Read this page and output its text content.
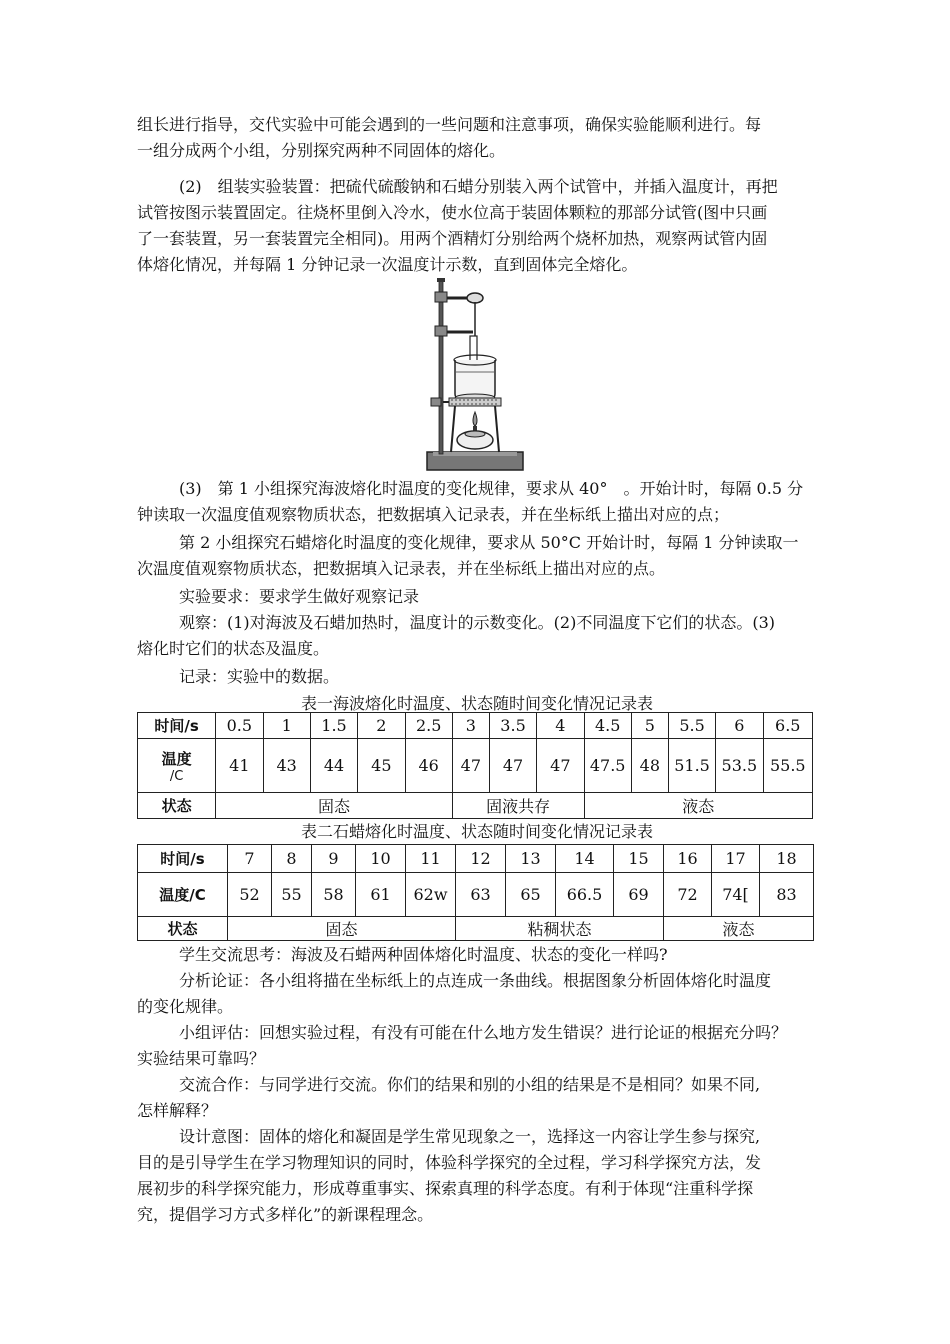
组长进行指导，交代实验中可能会遇到的一些问题和注意事项，确保实验能顺利进行。每
一组分成两个小组，分别探究两种不同固体的熔化。
(2)　组装实验装置：把硫代硫酸钠和石蜡分别装入两个试管中，并插入温度计，再把
试管按图示装置固定。往烧杯里倒入冷水，使水位高于装固体颗粒的那部分试管(图中只画
了一套装置，另一套装置完全相同)。用两个酒精灯分别给两个烧杯加热，观察两试管内固
体熔化情况，并每隔 1 分钟记录一次温度计示数，直到固体完全熔化。
(3)　第 1 小组探究海波熔化时温度的变化规律，要求从 40°　。开始计时，每隔 0.5 分
钟读取一次温度值观察物质状态，把数据填入记录表，并在坐标纸上描出对应的点；
第 2 小组探究石蜡熔化时温度的变化规律，要求从 50°C 开始计时，每隔 1 分钟读取一
次温度值观察物质状态，把数据填入记录表，并在坐标纸上描出对应的点。
实验要求：要求学生做好观察记录
观察：(1)对海波及石蜡加热时，温度计的示数变化。(2)不同温度下它们的状态。(3)
熔化时它们的状态及温度。
记录：实验中的数据。
表一海波熔化时温度、状态随时间变化情况记录表
时间/s	0.5	1	1.5	2	2.5	3	3.5	4	4.5	5	5.5	6	6.5

温度
/C	41	43	44	45	46	47	47	47	47.5	48	51.5	53.5	55.5
状态	固态					固液共存			液态				
表二石蜡熔化时温度、状态随时间变化情况记录表
时间/s	7	8	9	10	11	12	13	14	15	16	17	18
温度/C	52	55	58	61	62w	63	65	66.5	69	72	74[	83
状态	固态					粘稠状态				液态		
学生交流思考：海波及石蜡两种固体熔化时温度、状态的变化一样吗?
分析论证：各小组将描在坐标纸上的点连成一条曲线。根据图象分析固体熔化时温度
的变化规律。
小组评估：回想实验过程，有没有可能在什么地方发生错误？进行论证的根据充分吗？
实验结果可靠吗？
交流合作：与同学进行交流。你们的结果和别的小组的结果是不是相同？如果不同,
怎样解释？
设计意图：固体的熔化和凝固是学生常见现象之一，选择这一内容让学生参与探究,
目的是引导学生在学习物理知识的同时，体验科学探究的全过程，学习科学探究方法，发
展初步的科学探究能力，形成尊重事实、探索真理的科学态度。有利于体现“注重科学探
究，提倡学习方式多样化”的新课程理念。
